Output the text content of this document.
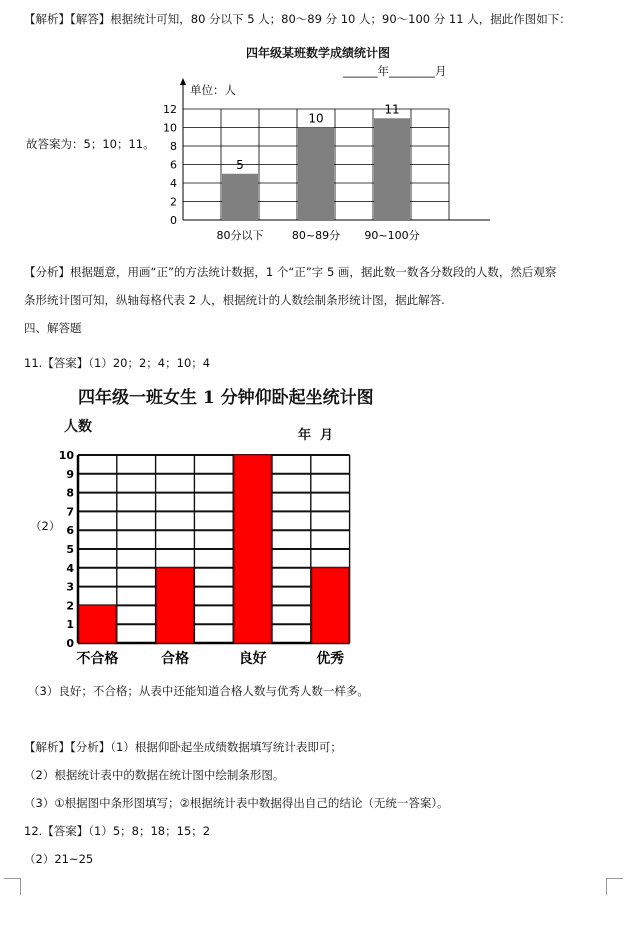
【解析】【解答】根据统计可知，80 分以下 5 人；80～89 分 10 人；90～100 分 11 人，据此作图如下：
四年级某班数学成绩统计图
______年________月
单位：人
故答案为：5；10；11。
0
2
4
6
8
10
12
5
80分以下
10
80~89分
11
90~100分
【分析】根据题意，用画“正”的方法统计数据，1 个“正”字 5 画，据此数一数各分数段的人数，然后观察
条形统计图可知，纵轴每格代表 2 人，根据统计的人数绘制条形统计图，据此解答.
四、解答题
11.【答案】（1）20；2；4；10；4
四年级一班女生 1 分钟仰卧起坐统计图
人数
年  月
（2）
0
1
2
3
4
5
6
7
8
9
10
不合格	合格	良好	优秀
（3）良好；不合格；从表中还能知道合格人数与优秀人数一样多。
【解析】【分析】（1）根据仰卧起坐成绩数据填写统计表即可；
（2）根据统计表中的数据在统计图中绘制条形图。
（3）①根据图中条形图填写；②根据统计表中数据得出自己的结论（无统一答案）。
12.【答案】（1）5；8；18；15；2
（2）21~25
